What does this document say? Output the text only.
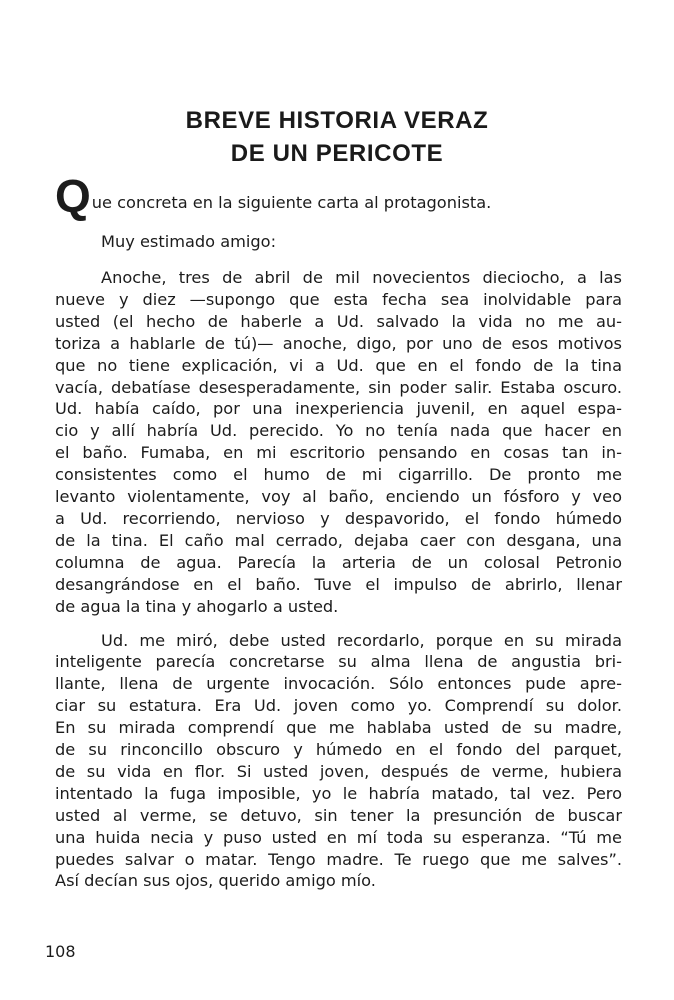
BREVE HISTORIA VERAZ
DE UN PERICOTE

Que concreta en la siguiente carta al protagonista.

Muy estimado amigo:

Anoche, tres de abril de mil novecientos dieciocho, a las
nueve y diez —supongo que esta fecha sea inolvidable para
usted (el hecho de haberle a Ud. salvado la vida no me au-
toriza a hablarle de tú)— anoche, digo, por uno de esos motivos
que no tiene explicación, vi a Ud. que en el fondo de la tina
vacía, debatíase desesperadamente, sin poder salir. Estaba oscuro.
Ud. había caído, por una inexperiencia juvenil, en aquel espa-
cio y allí habría Ud. perecido. Yo no tenía nada que hacer en
el baño. Fumaba, en mi escritorio pensando en cosas tan in-
consistentes como el humo de mi cigarrillo. De pronto me
levanto violentamente, voy al baño, enciendo un fósforo y veo
a Ud. recorriendo, nervioso y despavorido, el fondo húmedo
de la tina. El caño mal cerrado, dejaba caer con desgana, una
columna de agua. Parecía la arteria de un colosal Petronio
desangrándose en el baño. Tuve el impulso de abrirlo, llenar
de agua la tina y ahogarlo a usted.
Ud. me miró, debe usted recordarlo, porque en su mirada
inteligente parecía concretarse su alma llena de angustia bri-
llante, llena de urgente invocación. Sólo entonces pude apre-
ciar su estatura. Era Ud. joven como yo. Comprendí su dolor.
En su mirada comprendí que me hablaba usted de su madre,
de su rinconcillo obscuro y húmedo en el fondo del parquet,
de su vida en flor. Si usted joven, después de verme, hubiera
intentado la fuga imposible, yo le habría matado, tal vez. Pero
usted al verme, se detuvo, sin tener la presunción de buscar
una huida necia y puso usted en mí toda su esperanza. “Tú me
puedes salvar o matar. Tengo madre. Te ruego que me salves”.
Así decían sus ojos, querido amigo mío.
108
